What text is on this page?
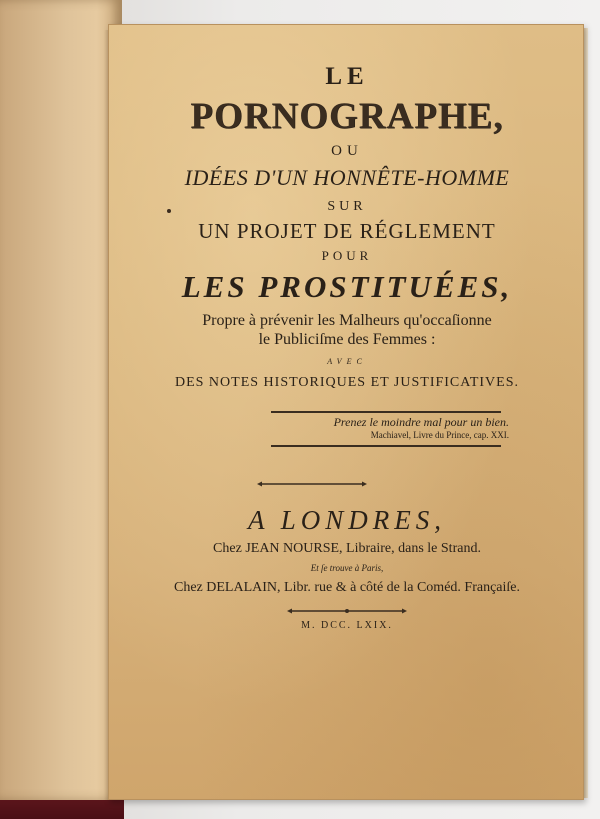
LE
PORNOGRAPHE,
OU
IDÉES D'UN HONNÊTE-HOMME
SUR
UN PROJET DE RÉGLEMENT
POUR
LES PROSTITUÉES,
Propre à prévenir les Malheurs qu'occaſionne
le Publiciſme des Femmes :
AVEC
DES NOTES HISTORIQUES ET JUSTIFICATIVES.
Prenez le moindre mal pour un bien.
Machiavel, Livre du Prince, cap. XXI.
A LONDRES,
Chez JEAN NOURSE, Libraire, dans le Strand.
Et ſe trouve à Paris,
Chez DELALAIN, Libr. rue & à côté de la Coméd. Françaiſe.
M. DCC. LXIX.
